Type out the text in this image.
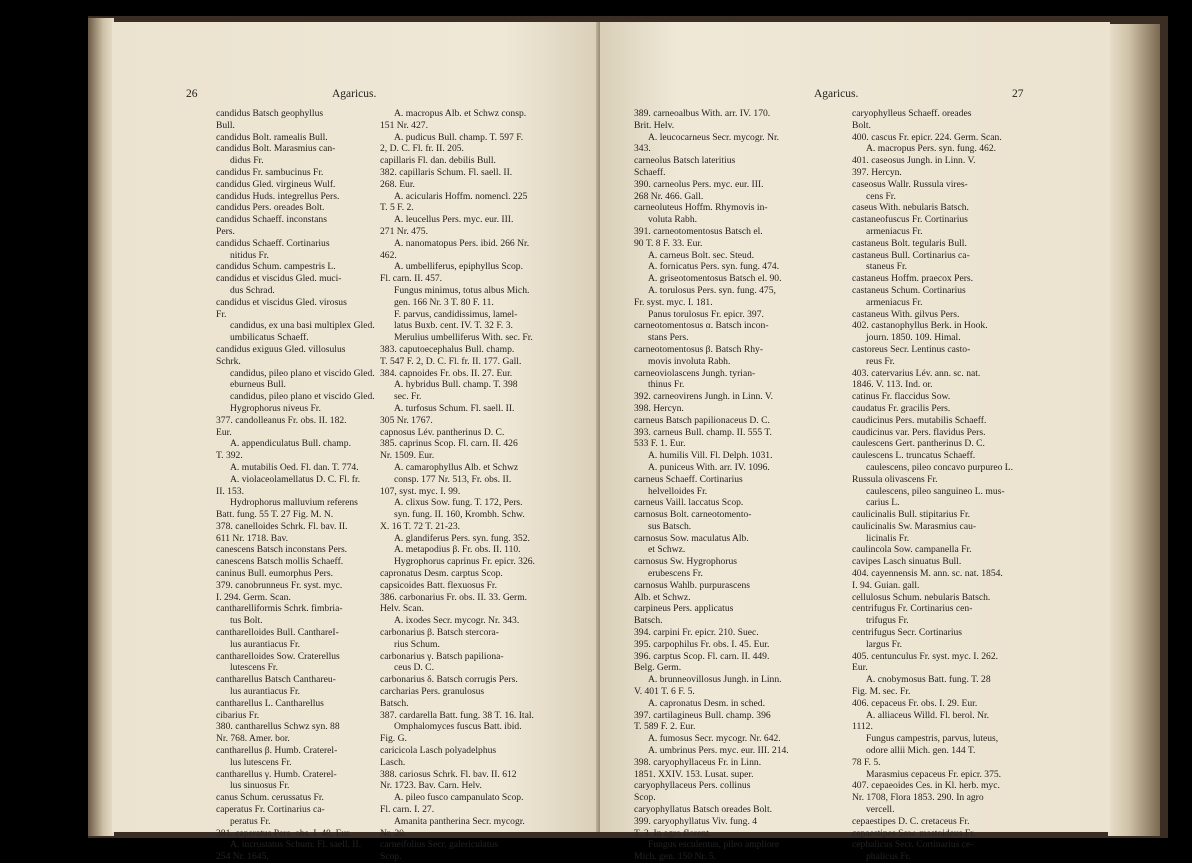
26	Agaricus.
candidus Batsch geophyllus
Bull.
candidus Bolt. ramealis Bull.
candidus Bolt. Marasmius can-
didus Fr.
candidus Fr. sambucinus Fr.
candidus Gled. virgineus Wulf.
candidus Huds. integrellus Pers.
candidus Pers. oreades Bolt.
candidus Schaeff. inconstans
Pers.
candidus Schaeff. Cortinarius
nitidus Fr.
candidus Schum. campestris L.
candidus et viscidus Gled. muci-
dus Schrad.
candidus et viscidus Gled. virosus
Fr.
candidus, ex una basi multiplex Gled.
umbilicatus Schaeff.
candidus exiguus Gled. villosulus
Schrk.
candidus, pileo plano et viscido Gled.
eburneus Bull.
candidus, pileo plano et viscido Gled.
Hygrophorus niveus Fr.
377. candolleanus Fr. obs. II. 182.
Eur.
A. appendiculatus Bull. champ.
T. 392.
A. mutabilis Oed. Fl. dan. T. 774.
A. violaceolamellatus D. C. Fl. fr.
II. 153.
Hydrophorus malluvium referens
Batt. fung. 55 T. 27 Fig. M. N.
378. canelloides Schrk. Fl. bav. II.
611 Nr. 1718. Bav.
canescens Batsch inconstans Pers.
canescens Batsch mollis Schaeff.
caninus Bull. eumorphus Pers.
379. canobrunneus Fr. syst. myc.
I. 294. Germ. Scan.
cantharelliformis Schrk. fimbria-
tus Bolt.
cantharelloides Bull. CanthareI-
lus aurantiacus Fr.
cantharelloides Sow. Craterellus
lutescens Fr.
cantharellus Batsch Canthareu-
lus aurantiacus Fr.
cantharellus L. Cantharellus
cibarius Fr.
380. cantharellus Schwz syn. 88
Nr. 768. Amer. bor.
cantharellus β. Humb. Craterel-
lus lutescens Fr.
cantharellus γ. Humb. Craterel-
lus sinuosus Fr.
canus Schum. cerussatus Fr.
caperatus Fr. Cortinarius ca-
peratus Fr.
381. caperatus Pers. obs. I. 48. Eur.
A. incrustatus Schum. Fl. saell. II.
254 Nr. 1645.
A. macropus Alb. et Schwz consp.
151 Nr. 427.
A. pudicus Bull. champ. T. 597 F.
2, D. C. Fl. fr. II. 205.
capillaris Fl. dan. debilis Bull.
382. capillaris Schum. Fl. saell. II.
268. Eur.
A. acicularis Hoffm. nomencl. 225
T. 5 F. 2.
A. leucellus Pers. myc. eur. III.
271 Nr. 475.
A. nanomatopus Pers. ibid. 266 Nr.
462.
A. umbelliferus, epiphyllus Scop.
Fl. carn. II. 457.
Fungus minimus, totus albus Mich.
gen. 166 Nr. 3 T. 80 F. 11.
F. parvus, candidissimus, lamel-
latus Buxb. cent. IV. T. 32 F. 3.
Merulius umbelliferus With. sec. Fr.
383. caputoecephalus Bull. champ.
T. 547 F. 2, D. C. Fl. fr. II. 177. Gall.
384. capnoides Fr. obs. II. 27. Eur.
A. hybridus Bull. champ. T. 398
sec. Fr.
A. turfosus Schum. Fl. saell. II.
305 Nr. 1767.
capnosus Lév. pantherinus D. C.
385. caprinus Scop. Fl. carn. II. 426
Nr. 1509. Eur.
A. camarophyllus Alb. et Schwz
consp. 177 Nr. 513, Fr. obs. II.
107, syst. myc. I. 99.
A. clixus Sow. fung. T. 172, Pers.
syn. fung. II. 160, Krombh. Schw.
X. 16 T. 72 T. 21-23.
A. glandiferus Pers. syn. fung. 352.
A. metapodius β. Fr. obs. II. 110.
Hygrophorus caprinus Fr. epicr. 326.
capronatus Desm. carptus Scop.
capsicoides Batt. flexuosus Fr.
386. carbonarius Fr. obs. II. 33. Germ.
Helv. Scan.
A. ixodes Secr. mycogr. Nr. 343.
carbonarius β. Batsch stercora-
rius Schum.
carbonarius γ. Batsch papiliona-
ceus D. C.
carbonarius δ. Batsch corrugis Pers.
carcharias Pers. granulosus
Batsch.
387. cardarella Batt. fung. 38 T. 16. Ital.
Omphalomyces fuscus Batt. ibid.
Fig. G.
caricicola Lasch polyadelphus
Lasch.
388. cariosus Schrk. Fl. bav. II. 612
Nr. 1723. Bav. Carn. Helv.
A. pileo fusco campanulato Scop.
Fl. carn. I. 27.
Amanita pantherina Secr. mycogr.
Nr. 20.
carneifolius Secr. galericulatus
Scop.
Agaricus.	27
389. carneoalbus With. arr. IV. 170.
Brit. Helv.
A. leucocarneus Secr. mycogr. Nr.
343.
carneolus Batsch lateritius
Schaeff.
390. carneolus Pers. myc. eur. III.
268 Nr. 466. Gall.
carneoluteus Hoffm. Rhymovis in-
voluta Rabh.
391. carneotomentosus Batsch el.
90 T. 8 F. 33. Eur.
A. carneus Bolt. sec. Steud.
A. fornicatus Pers. syn. fung. 474.
A. griseotomentosus Batsch el. 90.
A. torulosus Pers. syn. fung. 475,
Fr. syst. myc. I. 181.
Panus torulosus Fr. epicr. 397.
carneotomentosus α. Batsch incon-
stans Pers.
carneotomentosus β. Batsch Rhy-
movis involuta Rabh.
carneoviolascens Jungh. tyrian-
thinus Fr.
392. carneovirens Jungh. in Linn. V.
398. Hercyn.
carneus Batsch papilionaceus D. C.
393. carneus Bull. champ. II. 555 T.
533 F. 1. Eur.
A. humilis Vill. Fl. Delph. 1031.
A. puniceus With. arr. IV. 1096.
carneus Schaeff. Cortinarius
helvelloides Fr.
carneus Vaill. laccatus Scop.
carnosus Bolt. carneotomento-
sus Batsch.
carnosus Sow. maculatus Alb.
et Schwz.
carnosus Sw. Hygrophorus
erubescens Fr.
carnosus Wahlb. purpurascens
Alb. et Schwz.
carpineus Pers. applicatus
Batsch.
394. carpini Fr. epicr. 210. Suec.
395. carpophilus Fr. obs. I. 45. Eur.
396. carptus Scop. Fl. carn. II. 449.
Belg. Germ.
A. brunneovillosus Jungh. in Linn.
V. 401 T. 6 F. 5.
A. capronatus Desm. in sched.
397. cartilagineus Bull. champ. 396
T. 589 F. 2. Eur.
A. fumosus Secr. mycogr. Nr. 642.
A. umbrinus Pers. myc. eur. III. 214.
398. caryophyllaceus Fr. in Linn.
1851. XXIV. 153. Lusat. super.
caryophyllaceus Pers. collinus
Scop.
caryophyllatus Batsch oreades Bolt.
399. caryophyllatus Viv. fung. 4
T. 3. In agro florent.
Fungus esculentus, pileo ampliore
Mich. gen. 150 Nr. 5.
caryophylleus Schaeff. oreades
Bolt.
400. cascus Fr. epicr. 224. Germ. Scan.
A. macropus Pers. syn. fung. 462.
401. caseosus Jungh. in Linn. V.
397. Hercyn.
caseosus Wallr. Russula vires-
cens Fr.
caseus With. nebularis Batsch.
castaneofuscus Fr. Cortinarius
armeniacus Fr.
castaneus Bolt. tegularis Bull.
castaneus Bull. Cortinarius ca-
staneus Fr.
castaneus Hoffm. praecox Pers.
castaneus Schum. Cortinarius
armeniacus Fr.
castaneus With. gilvus Pers.
402. castanophyllus Berk. in Hook.
journ. 1850. 109. Himal.
castoreus Secr. Lentinus casto-
reus Fr.
403. catervarius Lév. ann. sc. nat.
1846. V. 113. Ind. or.
catinus Fr. flaccidus Sow.
caudatus Fr. gracilis Pers.
caudicinus Pers. mutabilis Schaeff.
caudicinus var. Pers. flavidus Pers.
caulescens Gert. pantherinus D. C.
caulescens L. truncatus Schaeff.
caulescens, pileo concavo purpureo L.
Russula olivascens Fr.
caulescens, pileo sanguineo L. mus-
carius L.
caulicinalis Bull. stipitarius Fr.
caulicinalis Sw. Marasmius cau-
licinalis Fr.
caulincola Sow. campanella Fr.
cavipes Lasch sinuatus Bull.
404. cayennensis M. ann. sc. nat. 1854.
I. 94. Guian. gall.
cellulosus Schum. nebularis Batsch.
centrifugus Fr. Cortinarius cen-
trifugus Fr.
centrifugus Secr. Cortinarius
largus Fr.
405. centunculus Fr. syst. myc. I. 262.
Eur.
A. cnobymosus Batt. fung. T. 28
Fig. M. sec. Fr.
406. cepaceus Fr. obs. I. 29. Eur.
A. alliaceus Willd. Fl. berol. Nr.
1112.
Fungus campestris, parvus, luteus,
odore allii Mich. gen. 144 T.
78 F. 5.
Marasmius cepaceus Fr. epicr. 375.
407. cepaeoides Ces. in Kl. herb. myc.
Nr. 1708, Flora 1853. 290. In agro
vercell.
cepaestipes D. C. cretaceus Fr.
cepaestipes Sow. mastoideus Fr.
cephalicus Secr. Cortinarius ce-
phalicus Fr.
